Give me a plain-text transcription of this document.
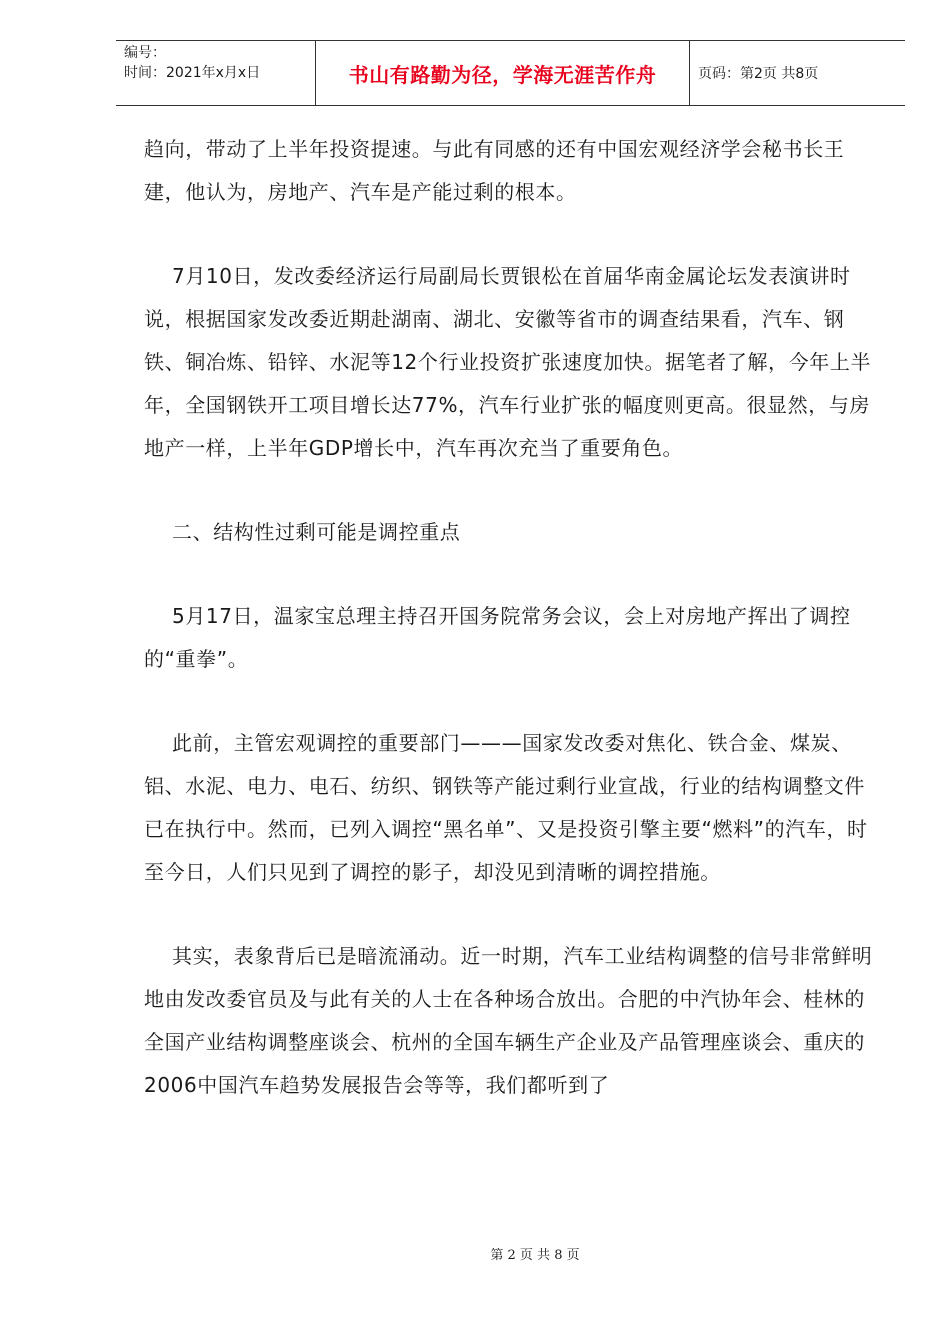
编号：
时间：2021年x月x日	书山有路勤为径，学海无涯苦作舟	页码：第2页 共8页

趋向，带动了上半年投资提速。与此有同感的还有中国宏观经济学会秘书长王建，他认为，房地产、汽车是产能过剩的根本。

7月10日，发改委经济运行局副局长贾银松在首届华南金属论坛发表演讲时说，根据国家发改委近期赴湖南、湖北、安徽等省市的调查结果看，汽车、钢铁、铜冶炼、铅锌、水泥等12个行业投资扩张速度加快。据笔者了解，今年上半年，全国钢铁开工项目增长达77%，汽车行业扩张的幅度则更高。很显然，与房地产一样，上半年GDP增长中，汽车再次充当了重要角色。

二、结构性过剩可能是调控重点

5月17日，温家宝总理主持召开国务院常务会议，会上对房地产挥出了调控的“重拳”。

此前，主管宏观调控的重要部门———国家发改委对焦化、铁合金、煤炭、铝、水泥、电力、电石、纺织、钢铁等产能过剩行业宣战，行业的结构调整文件已在执行中。然而，已列入调控“黑名单”、又是投资引擎主要“燃料”的汽车，时至今日，人们只见到了调控的影子，却没见到清晰的调控措施。

其实，表象背后已是暗流涌动。近一时期，汽车工业结构调整的信号非常鲜明地由发改委官员及与此有关的人士在各种场合放出。合肥的中汽协年会、桂林的全国产业结构调整座谈会、杭州的全国车辆生产企业及产品管理座谈会、重庆的2006中国汽车趋势发展报告会等等，我们都听到了

第 2 页 共 8 页
